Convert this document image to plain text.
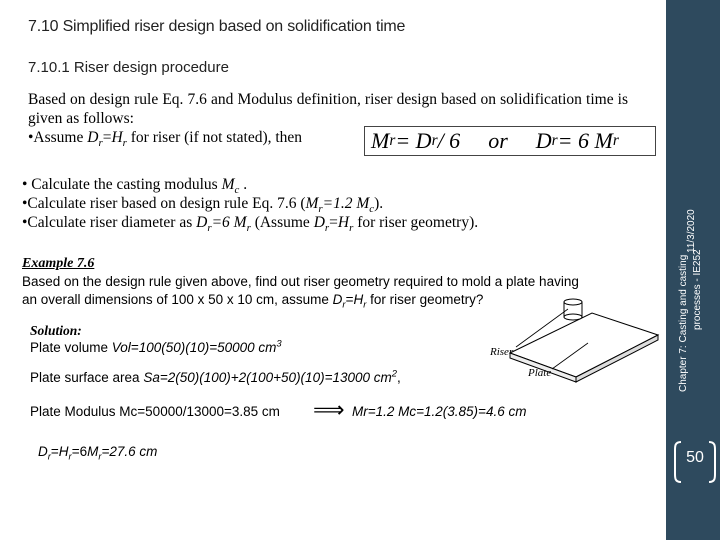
7.10 Simplified riser design based on solidification time
7.10.1 Riser design procedure
Based on design rule Eq. 7.6 and Modulus definition, riser design based on solidification time is given as follows:
•Assume $D_r=H_r$ for riser (if not stated), then	M r = D r / 6 or D r = 6 M r
• Calculate the casting modulus $M_c$ .
•Calculate riser based on design rule Eq. 7.6 ($M_r=1.2$ $M_c$).
•Calculate riser diameter as $D_r=6$ $M_r$ (Assume $D_r=H_r$ for riser geometry).
Example 7.6
Based on the design rule given above, find out riser geometry required to mold a plate having
an overall dimensions of 100 x 50 x 10 cm, assume $D_r=H_r$ for riser geometry?
Solution:
Plate volume Vol=100(50)(10)=50000 $cm^3$
Plate surface area Sa=2(50)(100)+2(100+50)(10)=13000 $cm^2$,
Plate Modulus Mc=50000/13000=3.85 cm ⟹ Mr=1.2 Mc=1.2(3.85)=4.6 cm
$D_r=H_r=6M_r=27.6$ cm
Riser
Plate
11/3/2020
Chapter 7: Casting and casting processes - IE252
50
